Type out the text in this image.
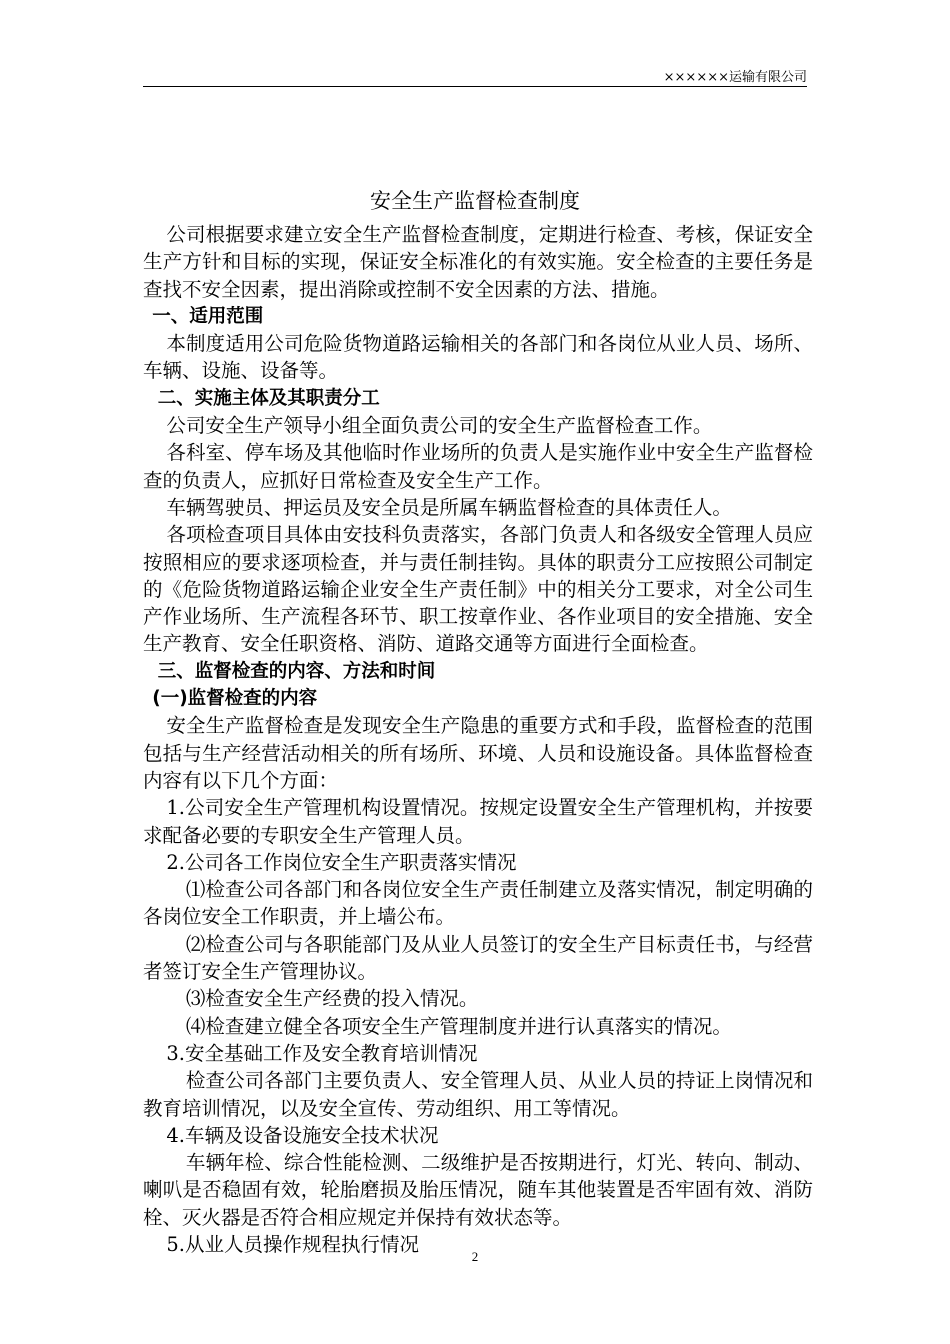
××××××运输有限公司
安全生产监督检查制度

公司根据要求建立安全生产监督检查制度，定期进行检查、考核，保证安全生产方针和目标的实现，保证安全标准化的有效实施。安全检查的主要任务是查找不安全因素，提出消除或控制不安全因素的方法、措施。

一、适用范围

本制度适用公司危险货物道路运输相关的各部门和各岗位从业人员、场所、车辆、设施、设备等。

二、实施主体及其职责分工

公司安全生产领导小组全面负责公司的安全生产监督检查工作。

各科室、停车场及其他临时作业场所的负责人是实施作业中安全生产监督检查的负责人，应抓好日常检查及安全生产工作。

车辆驾驶员、押运员及安全员是所属车辆监督检查的具体责任人。

各项检查项目具体由安技科负责落实，各部门负责人和各级安全管理人员应按照相应的要求逐项检查，并与责任制挂钩。具体的职责分工应按照公司制定的《危险货物道路运输企业安全生产责任制》中的相关分工要求，对全公司生产作业场所、生产流程各环节、职工按章作业、各作业项目的安全措施、安全生产教育、安全任职资格、消防、道路交通等方面进行全面检查。

三、监督检查的内容、方法和时间

(一)监督检查的内容

安全生产监督检查是发现安全生产隐患的重要方式和手段，监督检查的范围包括与生产经营活动相关的所有场所、环境、人员和设施设备。具体监督检查内容有以下几个方面：

1.公司安全生产管理机构设置情况。按规定设置安全生产管理机构，并按要求配备必要的专职安全生产管理人员。

2.公司各工作岗位安全生产职责落实情况

⑴检查公司各部门和各岗位安全生产责任制建立及落实情况，制定明确的各岗位安全工作职责，并上墙公布。

⑵检查公司与各职能部门及从业人员签订的安全生产目标责任书，与经营者签订安全生产管理协议。

⑶检查安全生产经费的投入情况。

⑷检查建立健全各项安全生产管理制度并进行认真落实的情况。

3.安全基础工作及安全教育培训情况

检查公司各部门主要负责人、安全管理人员、从业人员的持证上岗情况和教育培训情况，以及安全宣传、劳动组织、用工等情况。

4.车辆及设备设施安全技术状况

车辆年检、综合性能检测、二级维护是否按期进行，灯光、转向、制动、喇叭是否稳固有效，轮胎磨损及胎压情况，随车其他装置是否牢固有效、消防栓、灭火器是否符合相应规定并保持有效状态等。

5.从业人员操作规程执行情况

2
